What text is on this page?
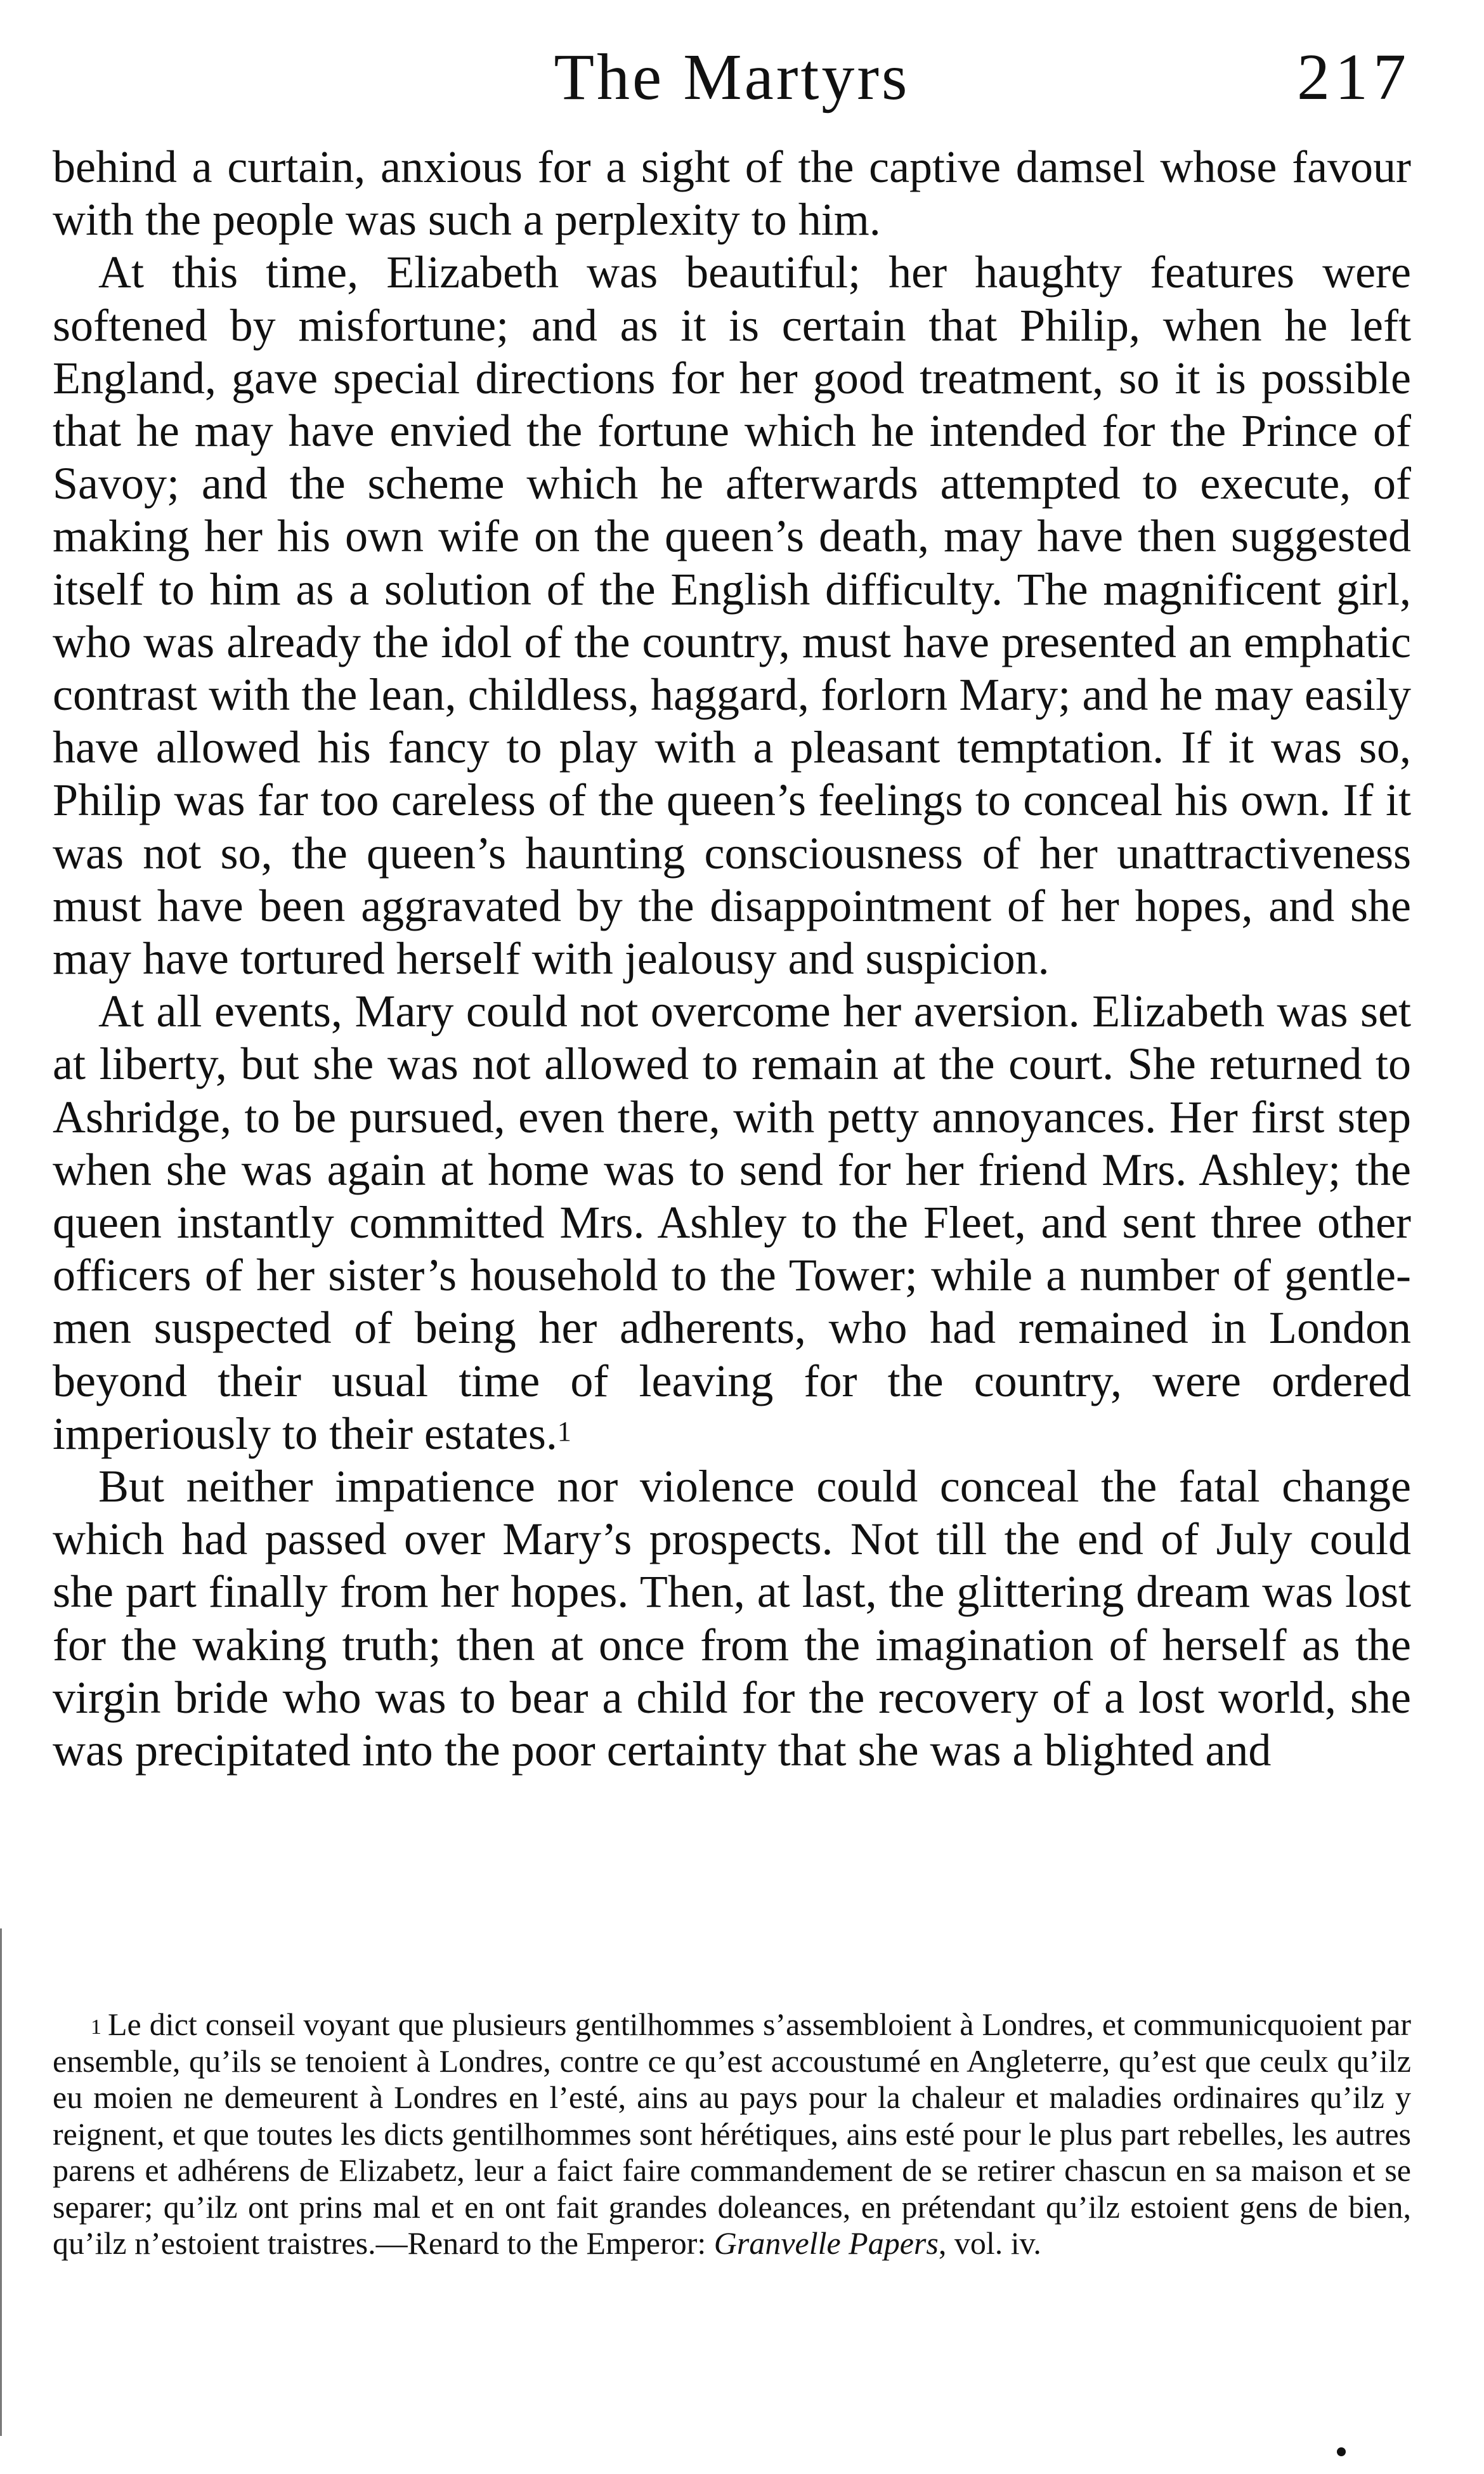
The Martyrs	217

behind a curtain, anxious for a sight of the captive damsel whose favour with the people was such a perplexity to him.

At this time, Elizabeth was beautiful; her haughty features were softened by misfortune; and as it is certain that Philip, when he left England, gave special directions for her good treatment, so it is possible that he may have envied the fortune which he intended for the Prince of Savoy; and the scheme which he afterwards attempted to execute, of making her his own wife on the queen’s death, may have then suggested itself to him as a solution of the English difficulty. The magnificent girl, who was already the idol of the country, must have presented an emphatic contrast with the lean, childless, haggard, forlorn Mary; and he may easily have allowed his fancy to play with a pleasant temptation. If it was so, Philip was far too careless of the queen’s feelings to conceal his own. If it was not so, the queen’s haunting consciousness of her unattractiveness must have been aggravated by the disappointment of her hopes, and she may have tortured herself with jealousy and suspicion.

At all events, Mary could not overcome her aversion. Elizabeth was set at liberty, but she was not allowed to remain at the court. She returned to Ashridge, to be pursued, even there, with petty annoyances. Her first step when she was again at home was to send for her friend Mrs. Ashley; the queen instantly committed Mrs. Ashley to the Fleet, and sent three other officers of her sister’s household to the Tower; while a number of gentlemen suspected of being her adherents, who had remained in London beyond their usual time of leaving for the country, were ordered imperiously to their estates.$^1$

But neither impatience nor violence could conceal the fatal change which had passed over Mary’s prospects. Not till the end of July could she part finally from her hopes. Then, at last, the glittering dream was lost for the waking truth; then at once from the imagination of herself as the virgin bride who was to bear a child for the recovery of a lost world, she was precipitated into the poor certainty that she was a blighted and

$^1$ Le dict conseil voyant que plusieurs gentilhommes s’assembloient à Londres, et communicquoient par ensemble, qu’ils se tenoient à Londres, contre ce qu’est accoustumé en Angleterre, qu’est que ceulx qu’ilz eu moien ne demeurent à Londres en l’esté, ains au pays pour la chaleur et maladies ordinaires qu’ilz y reignent, et que toutes les dicts gentilhommes sont hérétiques, ains esté pour le plus part rebelles, les autres parens et adhérens de Elizabetz, leur a faict faire commandement de se retirer chascun en sa maison et se separer; qu’ilz ont prins mal et en ont fait grandes doleances, en prétendant qu’ilz estoient gens de bien, qu’ilz n’estoient traistres.—Renard to the Emperor: Granvelle Papers, vol. iv.
